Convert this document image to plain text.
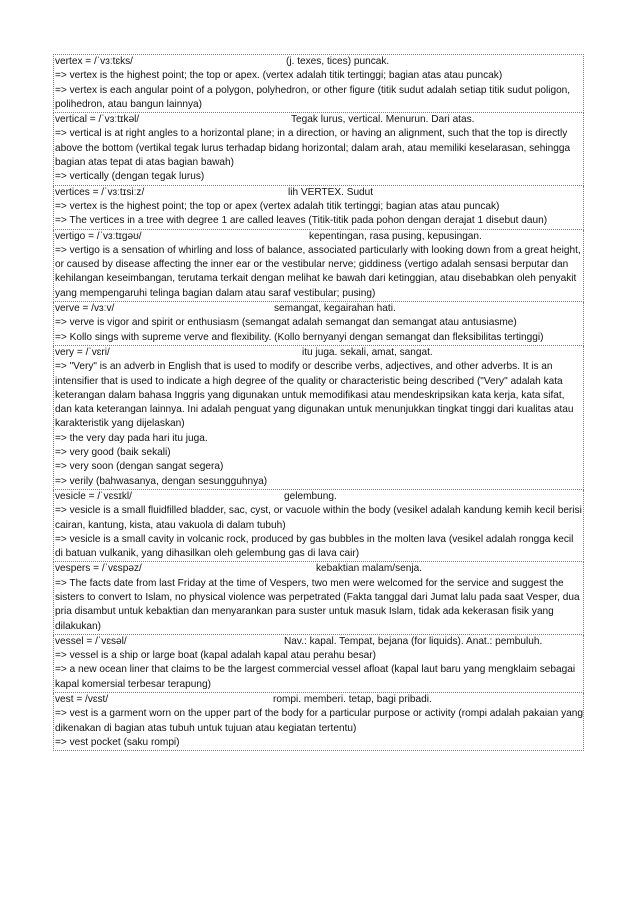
vertex = /ˈvɜːtɛks/	(j. texes, tices) puncak.
=> vertex is the highest point; the top or apex. (vertex adalah titik tertinggi; bagian atas atau puncak)
=> vertex is each angular point of a polygon, polyhedron, or other figure (titik sudut adalah setiap titik sudut poligon, polihedron, atau bangun lainnya)
vertical = /ˈvɜːtɪkəl/	Tegak lurus, vertical. Menurun. Dari atas.
=> vertical is at right angles to a horizontal plane; in a direction, or having an alignment, such that the top is directly above the bottom (vertikal tegak lurus terhadap bidang horizontal; dalam arah, atau memiliki keselarasan, sehingga bagian atas tepat di atas bagian bawah)
=> vertically (dengan tegak lurus)
vertices = /ˈvɜːtɪsiːz/	lih VERTEX. Sudut
=> vertex is the highest point; the top or apex (vertex adalah titik tertinggi; bagian atas atau puncak)
=> The vertices in a tree with degree 1 are called leaves (Titik-titik pada pohon dengan derajat 1 disebut daun)
vertigo = /ˈvɜːtɪɡəʊ/	kepentingan, rasa pusing, kepusingan.
=> vertigo is a sensation of whirling and loss of balance, associated particularly with looking down from a great height, or caused by disease affecting the inner ear or the vestibular nerve; giddiness (vertigo adalah sensasi berputar dan kehilangan keseimbangan, terutama terkait dengan melihat ke bawah dari ketinggian, atau disebabkan oleh penyakit yang mempengaruhi telinga bagian dalam atau saraf vestibular; pusing)
verve = /vɜːv/	semangat, kegairahan hati.
=> verve is vigor and spirit or enthusiasm (semangat adalah semangat dan semangat atau antusiasme)
=> Kollo sings with supreme verve and flexibility. (Kollo bernyanyi dengan semangat dan fleksibilitas tertinggi)
very = /ˈvɛri/	itu juga. sekali, amat, sangat.
=> "Very" is an adverb in English that is used to modify or describe verbs, adjectives, and other adverbs. It is an intensifier that is used to indicate a high degree of the quality or characteristic being described ("Very" adalah kata keterangan dalam bahasa Inggris yang digunakan untuk memodifikasi atau mendeskripsikan kata kerja, kata sifat, dan kata keterangan lainnya. Ini adalah penguat yang digunakan untuk menunjukkan tingkat tinggi dari kualitas atau karakteristik yang dijelaskan)
=> the very day pada hari itu juga.
=> very good (baik sekali)
=> very soon (dengan sangat segera)
=> verily (bahwasanya, dengan sesungguhnya)
vesicle = /ˈvɛsɪkl/	gelembung.
=> vesicle is a small fluidfilled bladder, sac, cyst, or vacuole within the body (vesikel adalah kandung kemih kecil berisi cairan, kantung, kista, atau vakuola di dalam tubuh)
=> vesicle is a small cavity in volcanic rock, produced by gas bubbles in the molten lava (vesikel adalah rongga kecil di batuan vulkanik, yang dihasilkan oleh gelembung gas di lava cair)
vespers = /ˈvɛspəz/	kebaktian malam/senja.
=> The facts date from last Friday at the time of Vespers, two men were welcomed for the service and suggest the sisters to convert to Islam, no physical violence was perpetrated (Fakta tanggal dari Jumat lalu pada saat Vesper, dua pria disambut untuk kebaktian dan menyarankan para suster untuk masuk Islam, tidak ada kekerasan fisik yang dilakukan)
vessel = /ˈvɛsəl/	Nav.: kapal. Tempat, bejana (for liquids). Anat.: pembuluh.
=> vessel is a ship or large boat (kapal adalah kapal atau perahu besar)
=> a new ocean liner that claims to be the largest commercial vessel afloat (kapal laut baru yang mengklaim sebagai kapal komersial terbesar terapung)
vest = /vɛst/	rompi. memberi. tetap, bagi pribadi.
=> vest is a garment worn on the upper part of the body for a particular purpose or activity (rompi adalah pakaian yang dikenakan di bagian atas tubuh untuk tujuan atau kegiatan tertentu)
=> vest pocket (saku rompi)
